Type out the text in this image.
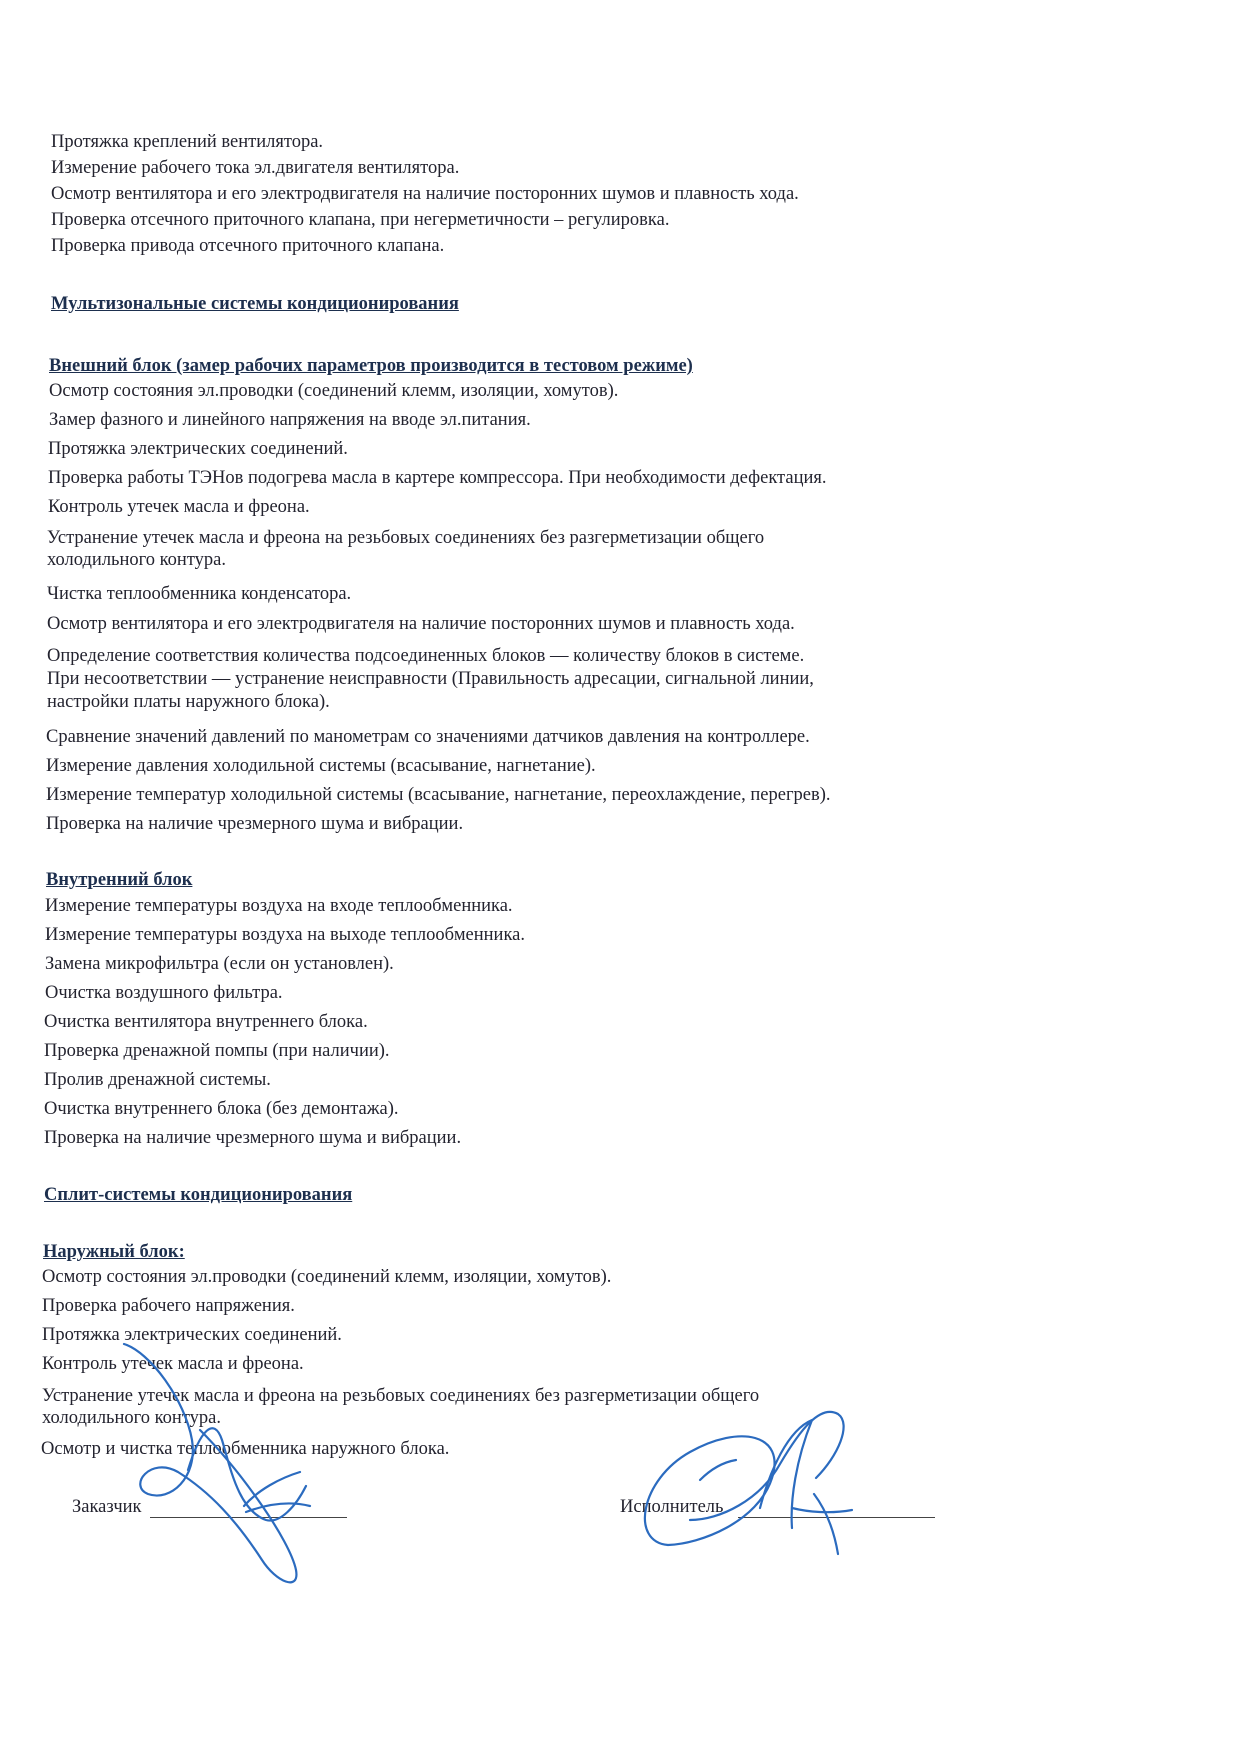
Протяжка креплений вентилятора.
Измерение рабочего тока эл.двигателя вентилятора.
Осмотр вентилятора и его электродвигателя на наличие посторонних шумов и плавность хода.
Проверка отсечного приточного клапана, при негерметичности – регулировка.
Проверка привода отсечного приточного клапана.
Мультизональные системы кондиционирования
Внешний блок (замер рабочих параметров производится в тестовом режиме)
Осмотр состояния эл.проводки (соединений клемм, изоляции, хомутов).
Замер фазного и линейного напряжения на вводе эл.питания.
Протяжка электрических соединений.
Проверка работы ТЭНов подогрева масла в картере компрессора. При необходимости дефектация.
Контроль утечек масла и фреона.
Устранение утечек масла и фреона на резьбовых соединениях без разгерметизации общего
холодильного контура.
Чистка теплообменника конденсатора.
Осмотр вентилятора и его электродвигателя на наличие посторонних шумов и плавность хода.
Определение соответствия количества подсоединенных блоков — количеству блоков в системе.
При несоответствии — устранение неисправности (Правильность адресации, сигнальной линии,
настройки платы наружного блока).
Сравнение значений давлений по манометрам со значениями датчиков давления на контроллере.
Измерение давления холодильной системы (всасывание, нагнетание).
Измерение температур холодильной системы (всасывание, нагнетание, переохлаждение, перегрев).
Проверка на наличие чрезмерного шума и вибрации.
Внутренний блок
Измерение температуры воздуха на входе теплообменника.
Измерение температуры воздуха на выходе теплообменника.
Замена микрофильтра (если он установлен).
Очистка воздушного фильтра.
Очистка вентилятора внутреннего блока.
Проверка дренажной помпы (при наличии).
Пролив дренажной системы.
Очистка внутреннего блока (без демонтажа).
Проверка на наличие чрезмерного шума и вибрации.
Сплит-системы кондиционирования
Наружный блок:
Осмотр состояния эл.проводки (соединений клемм, изоляции, хомутов).
Проверка рабочего напряжения.
Протяжка электрических соединений.
Контроль утечек масла и фреона.
Устранение утечек масла и фреона на резьбовых соединениях без разгерметизации общего
холодильного контура.
Осмотр и чистка теплообменника наружного блока.
Заказчик	Исполнитель
